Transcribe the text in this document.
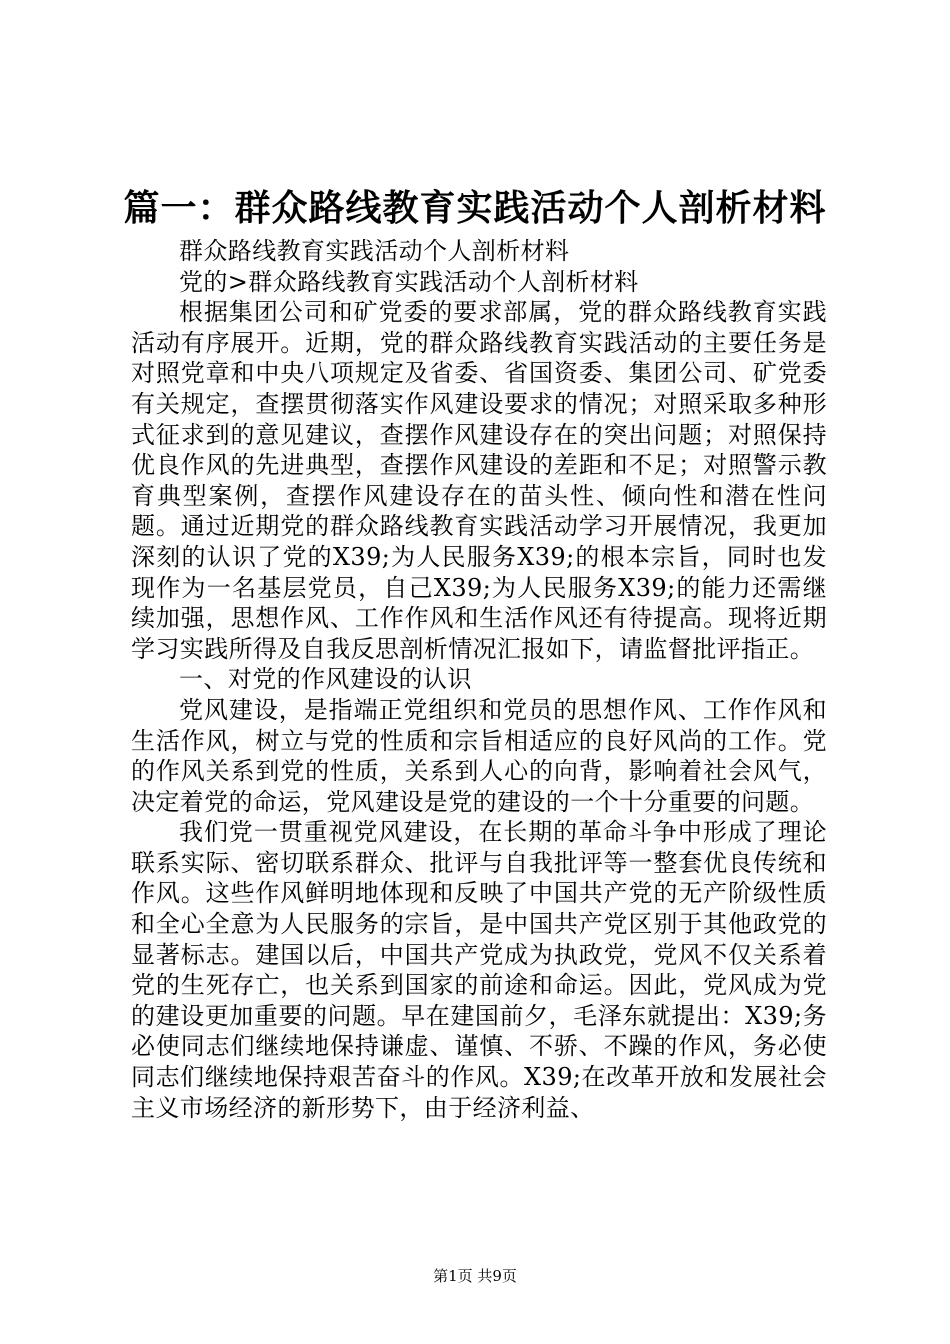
篇一：群众路线教育实践活动个人剖析材料

群众路线教育实践活动个人剖析材料

党的>群众路线教育实践活动个人剖析材料

根据集团公司和矿党委的要求部属，党的群众路线教育实践活动有序展开。近期，党的群众路线教育实践活动的主要任务是对照党章和中央八项规定及省委、省国资委、集团公司、矿党委有关规定，查摆贯彻落实作风建设要求的情况；对照采取多种形式征求到的意见建议，查摆作风建设存在的突出问题；对照保持优良作风的先进典型，查摆作风建设的差距和不足；对照警示教育典型案例，查摆作风建设存在的苗头性、倾向性和潜在性问题。通过近期党的群众路线教育实践活动学习开展情况，我更加深刻的认识了党的X39;为人民服务X39;的根本宗旨，同时也发现作为一名基层党员，自己X39;为人民服务X39;的能力还需继续加强，思想作风、工作作风和生活作风还有待提高。现将近期学习实践所得及自我反思剖析情况汇报如下，请监督批评指正。

一、对党的作风建设的认识

党风建设，是指端正党组织和党员的思想作风、工作作风和生活作风，树立与党的性质和宗旨相适应的良好风尚的工作。党的作风关系到党的性质，关系到人心的向背，影响着社会风气，决定着党的命运，党风建设是党的建设的一个十分重要的问题。

我们党一贯重视党风建设，在长期的革命斗争中形成了理论联系实际、密切联系群众、批评与自我批评等一整套优良传统和作风。这些作风鲜明地体现和反映了中国共产党的无产阶级性质和全心全意为人民服务的宗旨，是中国共产党区别于其他政党的显著标志。建国以后，中国共产党成为执政党，党风不仅关系着党的生死存亡，也关系到国家的前途和命运。因此，党风成为党的建设更加重要的问题。早在建国前夕，毛泽东就提出：X39;务必使同志们继续地保持谦虚、谨慎、不骄、不躁的作风，务必使同志们继续地保持艰苦奋斗的作风。X39;在改革开放和发展社会主义市场经济的新形势下，由于经济利益、

第1页 共9页
